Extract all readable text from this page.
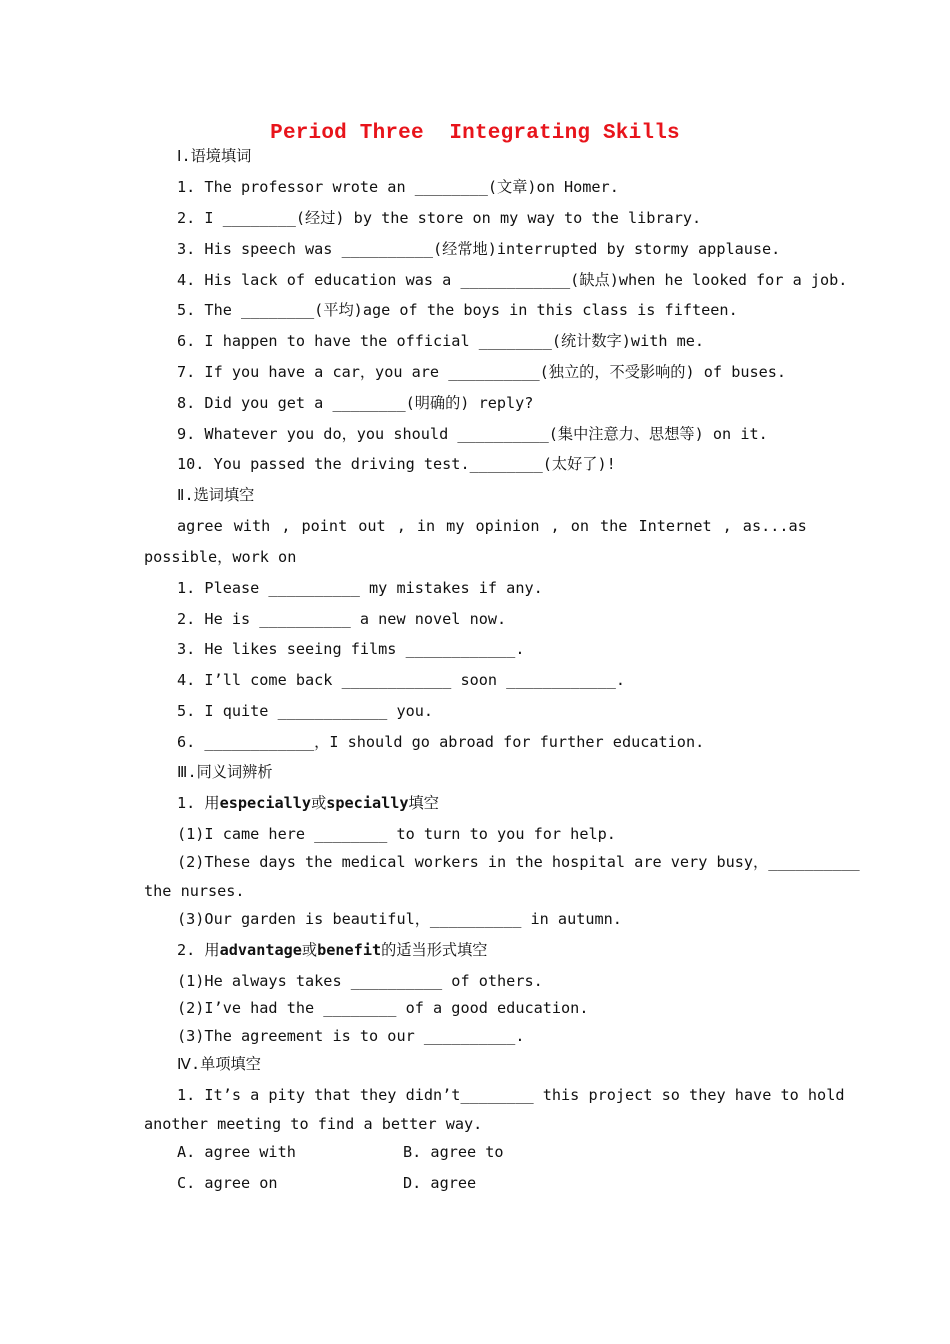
Period Three  Integrating Skills
Ⅰ.语境填词
1. The professor wrote an ________(文章)on Homer.
2. I ________(经过) by the store on my way to the library.
3. His speech was __________(经常地)interrupted by stormy applause.
4. His lack of education was a ____________(缺点)when he looked for a job.
5. The ________(平均)age of the boys in this class is fifteen.
6. I happen to have the official ________(统计数字)with me.
7. If you have a car，you are __________(独立的，不受影响的) of buses.
8. Did you get a ________(明确的) reply?
9. Whatever you do，you should __________(集中注意力、思想等) on it.
10. You passed the driving test.________(太好了)!
Ⅱ.选词填空
agree with , point out , in my opinion , on the Internet , as...as
possible，work on
1. Please __________ my mistakes if any.
2. He is __________ a new novel now.
3. He likes seeing films ____________.
4. I’ll come back ____________ soon ____________.
5. I quite ____________ you.
6. ____________，I should go abroad for further education.
Ⅲ.同义词辨析
1. 用especially或specially填空
(1)I came here ________ to turn to you for help.
(2)These days the medical workers in the hospital are very busy，__________
the nurses.
(3)Our garden is beautiful，__________ in autumn.
2. 用advantage或benefit的适当形式填空
(1)He always takes __________ of others.
(2)I’ve had the ________ of a good education.
(3)The agreement is to our __________.
Ⅳ.单项填空
1. It’s a pity that they didn’t________ this project so they have to hold
another meeting to find a better way.
A. agree with	B. agree to
C. agree on	D. agree
